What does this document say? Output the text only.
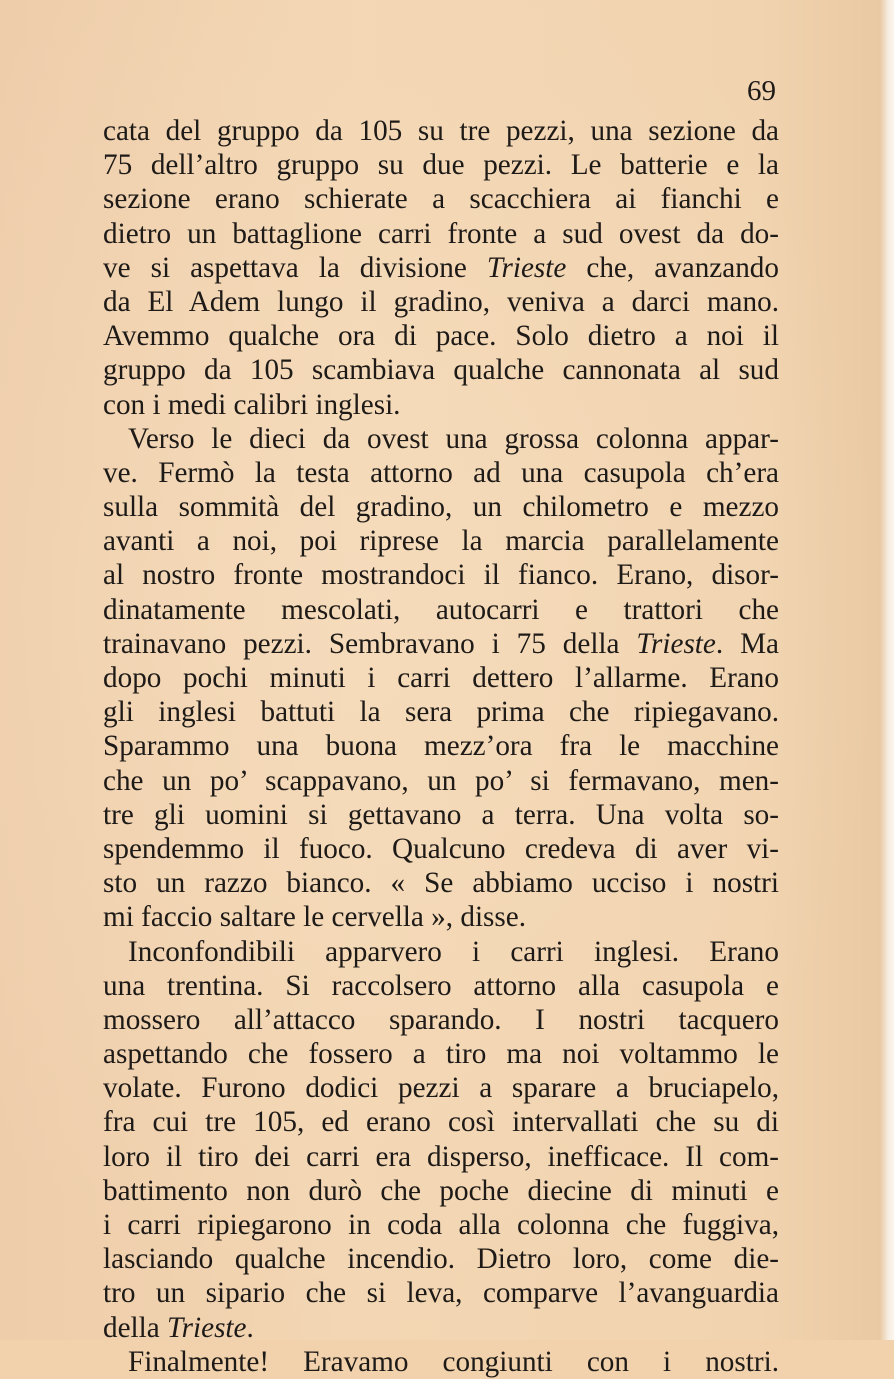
69
cata del gruppo da 105 su tre pezzi, una sezione da
75 dell’altro gruppo su due pezzi. Le batterie e la
sezione erano schierate a scacchiera ai fianchi e
dietro un battaglione carri fronte a sud ovest da do-
ve si aspettava la divisione Trieste che, avanzando
da El Adem lungo il gradino, veniva a darci mano.
Avemmo qualche ora di pace. Solo dietro a noi il
gruppo da 105 scambiava qualche cannonata al sud
con i medi calibri inglesi.
Verso le dieci da ovest una grossa colonna appar-
ve. Fermò la testa attorno ad una casupola ch’era
sulla sommità del gradino, un chilometro e mezzo
avanti a noi, poi riprese la marcia parallelamente
al nostro fronte mostrandoci il fianco. Erano, disor-
dinatamente mescolati, autocarri e trattori che
trainavano pezzi. Sembravano i 75 della Trieste. Ma
dopo pochi minuti i carri dettero l’allarme. Erano
gli inglesi battuti la sera prima che ripiegavano.
Sparammo una buona mezz’ora fra le macchine
che un po’ scappavano, un po’ si fermavano, men-
tre gli uomini si gettavano a terra. Una volta so-
spendemmo il fuoco. Qualcuno credeva di aver vi-
sto un razzo bianco. « Se abbiamo ucciso i nostri
mi faccio saltare le cervella », disse.
Inconfondibili apparvero i carri inglesi. Erano
una trentina. Si raccolsero attorno alla casupola e
mossero all’attacco sparando. I nostri tacquero
aspettando che fossero a tiro ma noi voltammo le
volate. Furono dodici pezzi a sparare a bruciapelo,
fra cui tre 105, ed erano così intervallati che su di
loro il tiro dei carri era disperso, inefficace. Il com-
battimento non durò che poche diecine di minuti e
i carri ripiegarono in coda alla colonna che fuggiva,
lasciando qualche incendio. Dietro loro, come die-
tro un sipario che si leva, comparve l’avanguardia
della Trieste.
Finalmente! Eravamo congiunti con i nostri.
